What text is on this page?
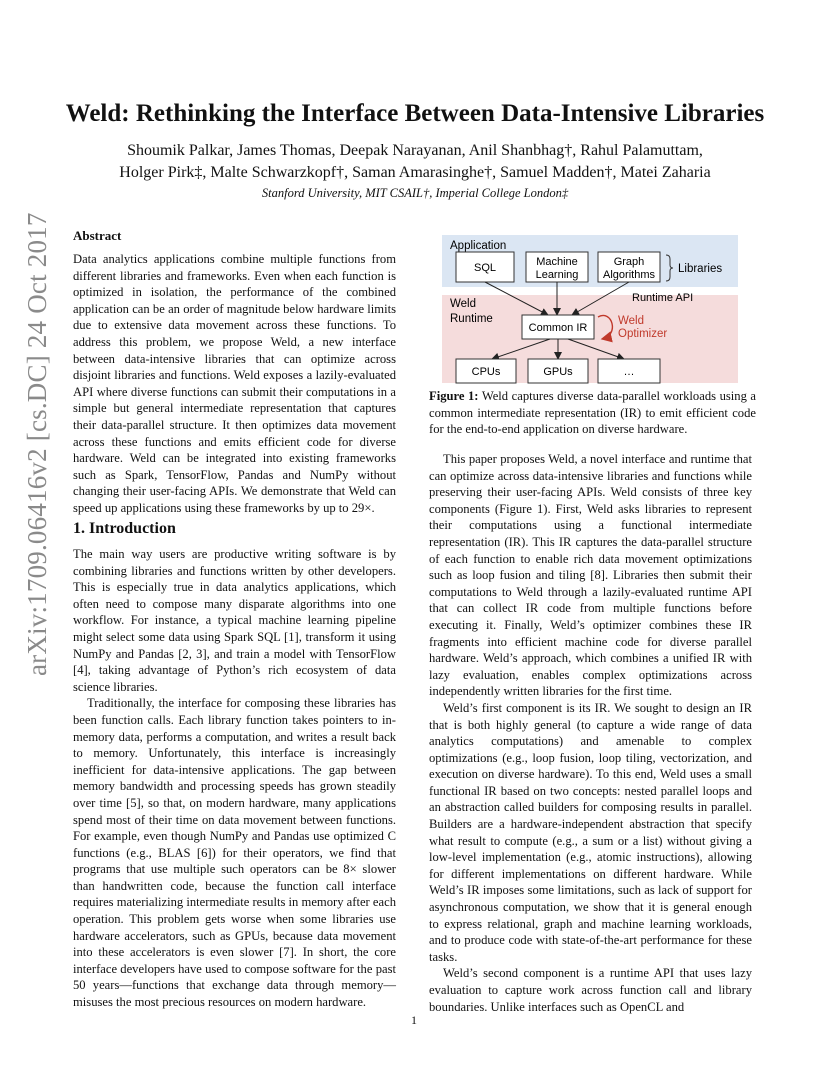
arXiv:1709.06416v2 [cs.DC] 24 Oct 2017
Weld: Rethinking the Interface Between Data-Intensive Libraries
Shoumik Palkar, James Thomas, Deepak Narayanan, Anil Shanbhag†, Rahul Palamuttam,
Holger Pirk‡, Malte Schwarzkopf†, Saman Amarasinghe†, Samuel Madden†, Matei Zaharia
Stanford University, MIT CSAIL†, Imperial College London‡
Abstract

Data analytics applications combine multiple functions from different libraries and frameworks. Even when each function is optimized in isolation, the performance of the combined application can be an order of magnitude below hardware limits due to extensive data movement across these functions. To address this problem, we propose Weld, a new interface between data-intensive libraries that can optimize across disjoint libraries and functions. Weld exposes a lazily-evaluated API where diverse functions can submit their computations in a simple but general intermediate representation that captures their data-parallel structure. It then optimizes data movement across these functions and emits efficient code for diverse hardware. Weld can be integrated into existing frameworks such as Spark, TensorFlow, Pandas and NumPy without changing their user-facing APIs. We demonstrate that Weld can speed up applications using these frameworks by up to 29×.

1. Introduction

The main way users are productive writing software is by combining libraries and functions written by other developers. This is especially true in data analytics applications, which often need to compose many disparate algorithms into one workflow. For instance, a typical machine learning pipeline might select some data using Spark SQL [1], transform it using NumPy and Pandas [2, 3], and train a model with TensorFlow [4], taking advantage of Python’s rich ecosystem of data science libraries.

Traditionally, the interface for composing these libraries has been function calls. Each library function takes pointers to in-memory data, performs a computation, and writes a result back to memory. Unfortunately, this interface is increasingly inefficient for data-intensive applications. The gap between memory bandwidth and processing speeds has grown steadily over time [5], so that, on modern hardware, many applications spend most of their time on data movement between functions. For example, even though NumPy and Pandas use optimized C functions (e.g., BLAS [6]) for their operators, we find that programs that use multiple such operators can be 8× slower than handwritten code, because the function call interface requires materializing intermediate results in memory after each operation. This problem gets worse when some libraries use hardware accelerators, such as GPUs, because data movement into these accelerators is even slower [7]. In short, the core interface developers have used to compose software for the past 50 years—functions that exchange data through memory—misuses the most precious resources on modern hardware.

Application
SQL	Machine
Learning
Graph
Algorithms Libraries
Runtime API
Weld
Runtime
Common IR
Weld
Optimizer
CPUs	GPUs	…
Figure 1: Weld captures diverse data-parallel workloads using a common intermediate representation (IR) to emit efficient code for the end-to-end application on diverse hardware.

This paper proposes Weld, a novel interface and runtime that can optimize across data-intensive libraries and functions while preserving their user-facing APIs. Weld consists of three key components (Figure 1). First, Weld asks libraries to represent their computations using a functional intermediate representation (IR). This IR captures the data-parallel structure of each function to enable rich data movement optimizations such as loop fusion and tiling [8]. Libraries then submit their computations to Weld through a lazily-evaluated runtime API that can collect IR code from multiple functions before executing it. Finally, Weld’s optimizer combines these IR fragments into efficient machine code for diverse parallel hardware. Weld’s approach, which combines a unified IR with lazy evaluation, enables complex optimizations across independently written libraries for the first time.

Weld’s first component is its IR. We sought to design an IR that is both highly general (to capture a wide range of data analytics computations) and amenable to complex optimizations (e.g., loop fusion, loop tiling, vectorization, and execution on diverse hardware). To this end, Weld uses a small functional IR based on two concepts: nested parallel loops and an abstraction called builders for composing results in parallel. Builders are a hardware-independent abstraction that specify what result to compute (e.g., a sum or a list) without giving a low-level implementation (e.g., atomic instructions), allowing for different implementations on different hardware. While Weld’s IR imposes some limitations, such as lack of support for asynchronous computation, we show that it is general enough to express relational, graph and machine learning workloads, and to produce code with state-of-the-art performance for these tasks.

Weld’s second component is a runtime API that uses lazy evaluation to capture work across function call and library boundaries. Unlike interfaces such as OpenCL and

1
